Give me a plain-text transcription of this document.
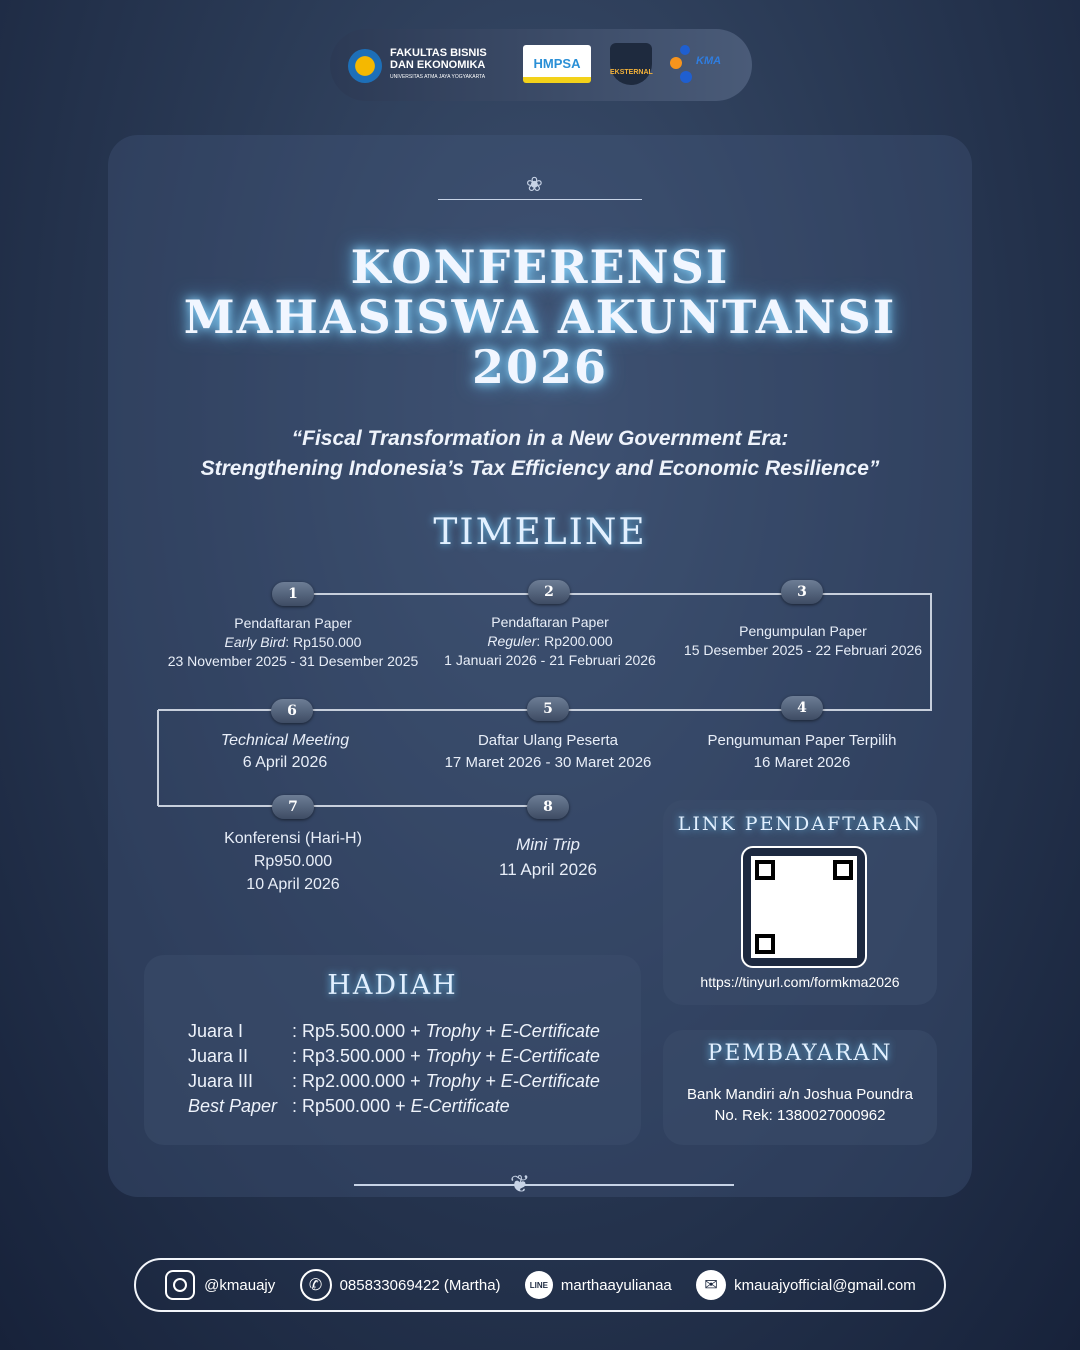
FAKULTAS BISNIS
DAN EKONOMIKA
UNIVERSITAS ATMA JAYA YOGYAKARTA
HMPSA
EKSTERNAL
KMA
❀
KONFERENSI
MAHASISWA AKUNTANSI
2026
“Fiscal Transformation in a New Government Era:
Strengthening Indonesia’s Tax Efficiency and Economic Resilience”
TIMELINE
1	2	3
4
5
6
7	8
Pendaftaran Paper
Early Bird: Rp150.000
23 November 2025 - 31 Desember 2025
Pendaftaran Paper
Reguler: Rp200.000
1 Januari 2026 - 21 Februari 2026
Pengumpulan Paper
15 Desember 2025 - 22 Februari 2026
Pengumuman Paper Terpilih
16 Maret 2026
Daftar Ulang Peserta
17 Maret 2026 - 30 Maret 2026
Technical Meeting
6 April 2026
Konferensi (Hari-H)
Rp950.000
10 April 2026
Mini Trip
11 April 2026
LINK PENDAFTARAN
https://tinyurl.com/formkma2026
HADIAH
Juara I	: Rp5.500.000 + Trophy + E-Certificate
Juara II : Rp3.500.000 + Trophy + E-Certificate
Juara III : Rp2.000.000 + Trophy + E-Certificate
Best Paper : Rp500.000 + E-Certificate
PEMBAYARAN
Bank Mandiri a/n Joshua Poundra
No. Rek: 1380027000962
❦
@kmauajy	✆	085833069422 (Martha)	LINE marthaayulianaa	✉	kmauajyofficial@gmail.com
